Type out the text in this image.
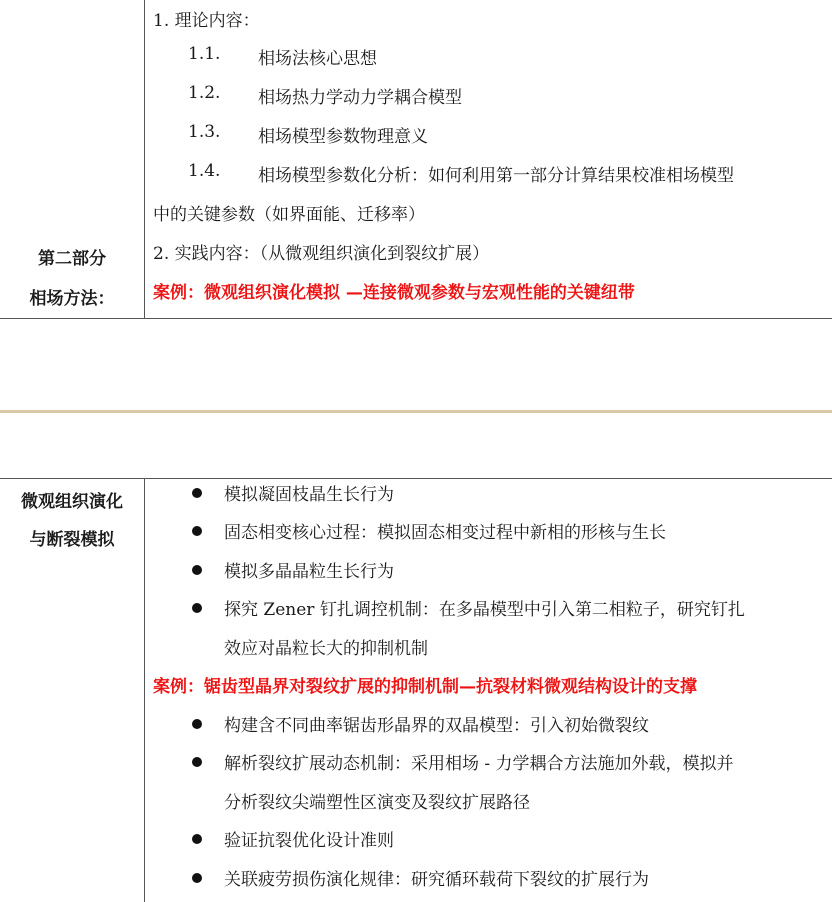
第二部分
相场方法：
1. 理论内容：
1.1. 相场法核心思想
1.2. 相场热力学动力学耦合模型
1.3. 相场模型参数物理意义
1.4. 相场模型参数化分析：如何利用第一部分计算结果校准相场模型
中的关键参数（如界面能、迁移率）
2. 实践内容：（从微观组织演化到裂纹扩展）
案例：微观组织演化模拟 —连接微观参数与宏观性能的关键纽带
微观组织演化
与断裂模拟
模拟凝固枝晶生长行为
固态相变核心过程：模拟固态相变过程中新相的形核与生长
模拟多晶晶粒生长行为
探究 Zener 钉扎调控机制：在多晶模型中引入第二相粒子，研究钉扎
效应对晶粒长大的抑制机制
案例：锯齿型晶界对裂纹扩展的抑制机制—抗裂材料微观结构设计的支撑
构建含不同曲率锯齿形晶界的双晶模型：引入初始微裂纹
解析裂纹扩展动态机制：采用相场 - 力学耦合方法施加外载，模拟并
分析裂纹尖端塑性区演变及裂纹扩展路径
验证抗裂优化设计准则
关联疲劳损伤演化规律：研究循环载荷下裂纹的扩展行为
